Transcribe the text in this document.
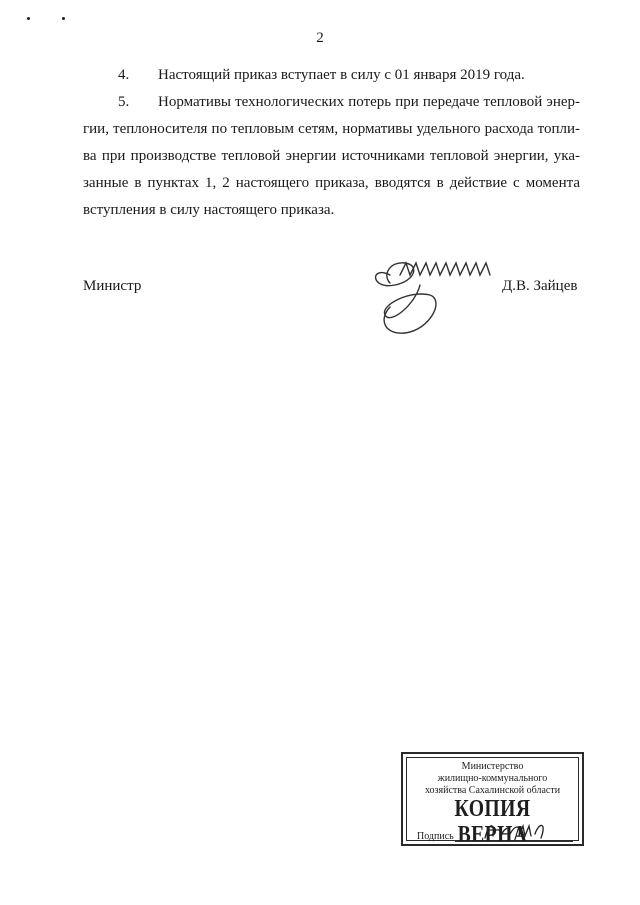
2
4. Настоящий приказ вступает в силу с 01 января 2019 года.
5. Нормативы технологических потерь при передаче тепловой энер-
гии, теплоносителя по тепловым сетям, нормативы удельного расхода топли-
ва при производстве тепловой энергии источниками тепловой энергии, ука-
занные в пунктах 1, 2 настоящего приказа, вводятся в действие с момента
вступления в силу настоящего приказа.
Министр	Д.В. Зайцев
Министерство
жилищно-коммунального
хозяйства Сахалинской области
КОПИЯ ВЕРНА
Подпись
